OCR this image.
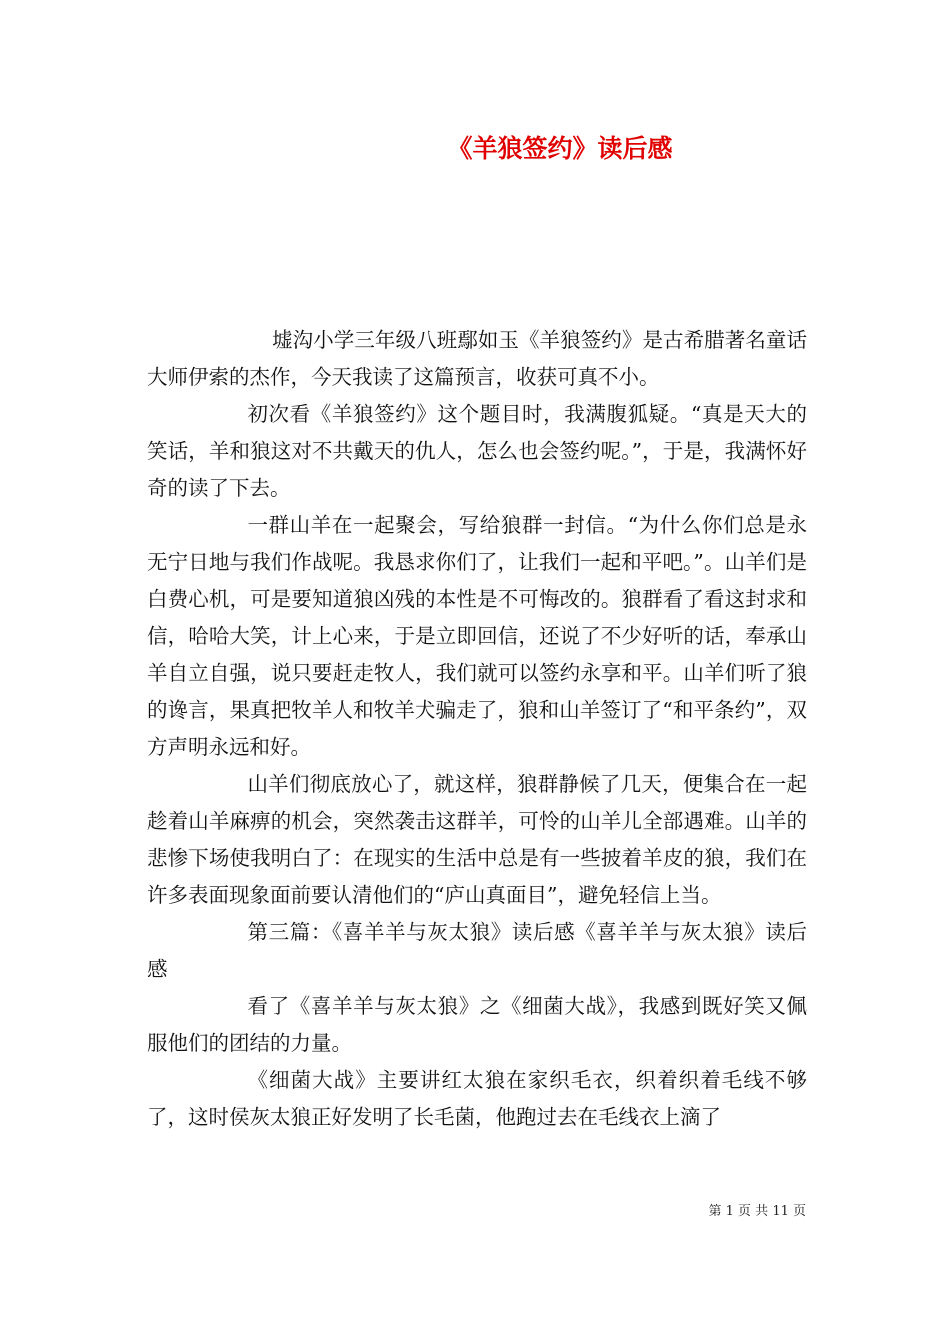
《羊狼签约》读后感

墟沟小学三年级八班鄢如玉《羊狼签约》是古希腊著名童话大师伊索的杰作，今天我读了这篇预言，收获可真不小。

初次看《羊狼签约》这个题目时，我满腹狐疑。“真是天大的笑话，羊和狼这对不共戴天的仇人，怎么也会签约呢。”，于是，我满怀好奇的读了下去。

一群山羊在一起聚会，写给狼群一封信。“为什么你们总是永无宁日地与我们作战呢。我恳求你们了，让我们一起和平吧。”。山羊们是白费心机，可是要知道狼凶残的本性是不可悔改的。狼群看了看这封求和信，哈哈大笑，计上心来，于是立即回信，还说了不少好听的话，奉承山羊自立自强，说只要赶走牧人，我们就可以签约永享和平。山羊们听了狼的谗言，果真把牧羊人和牧羊犬骗走了，狼和山羊签订了“和平条约”，双方声明永远和好。

山羊们彻底放心了，就这样，狼群静候了几天，便集合在一起趁着山羊麻痹的机会，突然袭击这群羊，可怜的山羊儿全部遇难。山羊的悲惨下场使我明白了：在现实的生活中总是有一些披着羊皮的狼，我们在许多表面现象面前要认清他们的“庐山真面目”，避免轻信上当。

第三篇：《喜羊羊与灰太狼》读后感《喜羊羊与灰太狼》读后感

看了《喜羊羊与灰太狼》之《细菌大战》，我感到既好笑又佩服他们的团结的力量。

《细菌大战》主要讲红太狼在家织毛衣，织着织着毛线不够了，这时侯灰太狼正好发明了长毛菌，他跑过去在毛线衣上滴了

第 1 页 共 11 页
